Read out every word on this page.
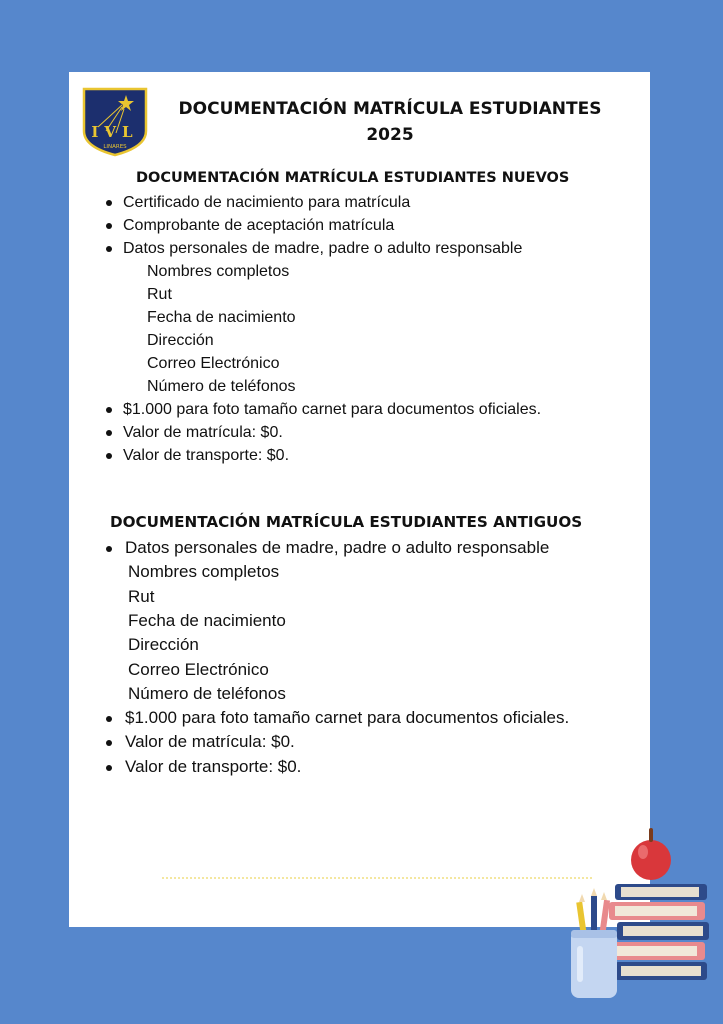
IVL
LINARES
DOCUMENTACIÓN MATRÍCULA ESTUDIANTES
2025
DOCUMENTACIÓN MATRÍCULA ESTUDIANTES NUEVOS
Certificado de nacimiento para matrícula
Comprobante de aceptación matrícula
Datos personales de madre, padre o adulto responsable
Nombres completos
Rut
Fecha de nacimiento
Dirección
Correo Electrónico
Número de teléfonos
$1.000 para foto tamaño carnet para documentos oficiales.
Valor de matrícula: $0.
Valor de transporte: $0.
DOCUMENTACIÓN MATRÍCULA ESTUDIANTES ANTIGUOS
Datos personales de madre, padre o adulto responsable
Nombres completos
Rut
Fecha de nacimiento
Dirección
Correo Electrónico
Número de teléfonos
$1.000 para foto tamaño carnet para documentos oficiales.
Valor de matrícula: $0.
Valor de transporte: $0.
